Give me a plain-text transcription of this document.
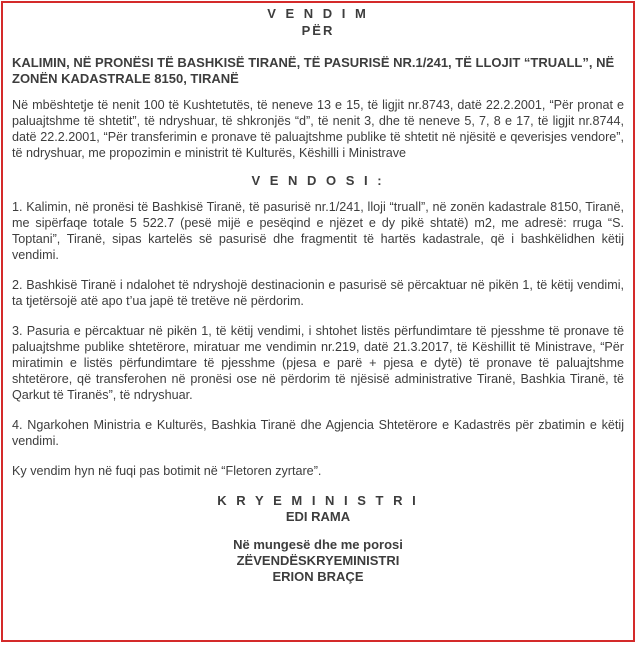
V E N D I M

PËR

KALIMIN, NË PRONËSI TË BASHKISË TIRANË, TË PASURISË NR.1/241, TË LLOJIT “TRUALL”, NË ZONËN KADASTRALE 8150, TIRANË

Në mbështetje të nenit 100 të Kushtetutës, të neneve 13 e 15, të ligjit nr.8743, datë 22.2.2001, “Për pronat e paluajtshme të shtetit”, të ndryshuar, të shkronjës “d”, të nenit 3, dhe të neneve 5, 7, 8 e 17, të ligjit nr.8744, datë 22.2.2001, “Për transferimin e pronave të paluajtshme publike të shtetit në njësitë e qeverisjes vendore”, të ndryshuar, me propozimin e ministrit të Kulturës, Këshilli i Ministrave

V E N D O S I :

1. Kalimin, në pronësi të Bashkisë Tiranë, të pasurisë nr.1/241, lloji “truall”, në zonën kadastrale 8150, Tiranë, me sipërfaqe totale 5 522.7 (pesë mijë e pesëqind e njëzet e dy pikë shtatë) m2, me adresë: rruga “S. Toptani”, Tiranë, sipas kartelës së pasurisë dhe fragmentit të hartës kadastrale, që i bashkëlidhen këtij vendimi.

2. Bashkisë Tiranë i ndalohet të ndryshojë destinacionin e pasurisë së përcaktuar në pikën 1, të këtij vendimi, ta tjetërsojë atë apo t’ua japë të tretëve në përdorim.

3. Pasuria e përcaktuar në pikën 1, të këtij vendimi, i shtohet listës përfundimtare të pjesshme të pronave të paluajtshme publike shtetërore, miratuar me vendimin nr.219, datë 21.3.2017, të Këshillit të Ministrave, “Për miratimin e listës përfundimtare të pjesshme (pjesa e parë + pjesa e dytë) të pronave të paluajtshme shtetërore, që transferohen në pronësi ose në përdorim të njësisë administrative Tiranë, Bashkia Tiranë, të Qarkut të Tiranës”, të ndryshuar.

4. Ngarkohen Ministria e Kulturës, Bashkia Tiranë dhe Agjencia Shtetërore e Kadastrës për zbatimin e këtij vendimi.

Ky vendim hyn në fuqi pas botimit në “Fletoren zyrtare”.

K R Y E M I N I S T R I

EDI RAMA

Në mungesë dhe me porosi

ZËVENDËSKRYEMINISTRI

ERION BRAÇE
